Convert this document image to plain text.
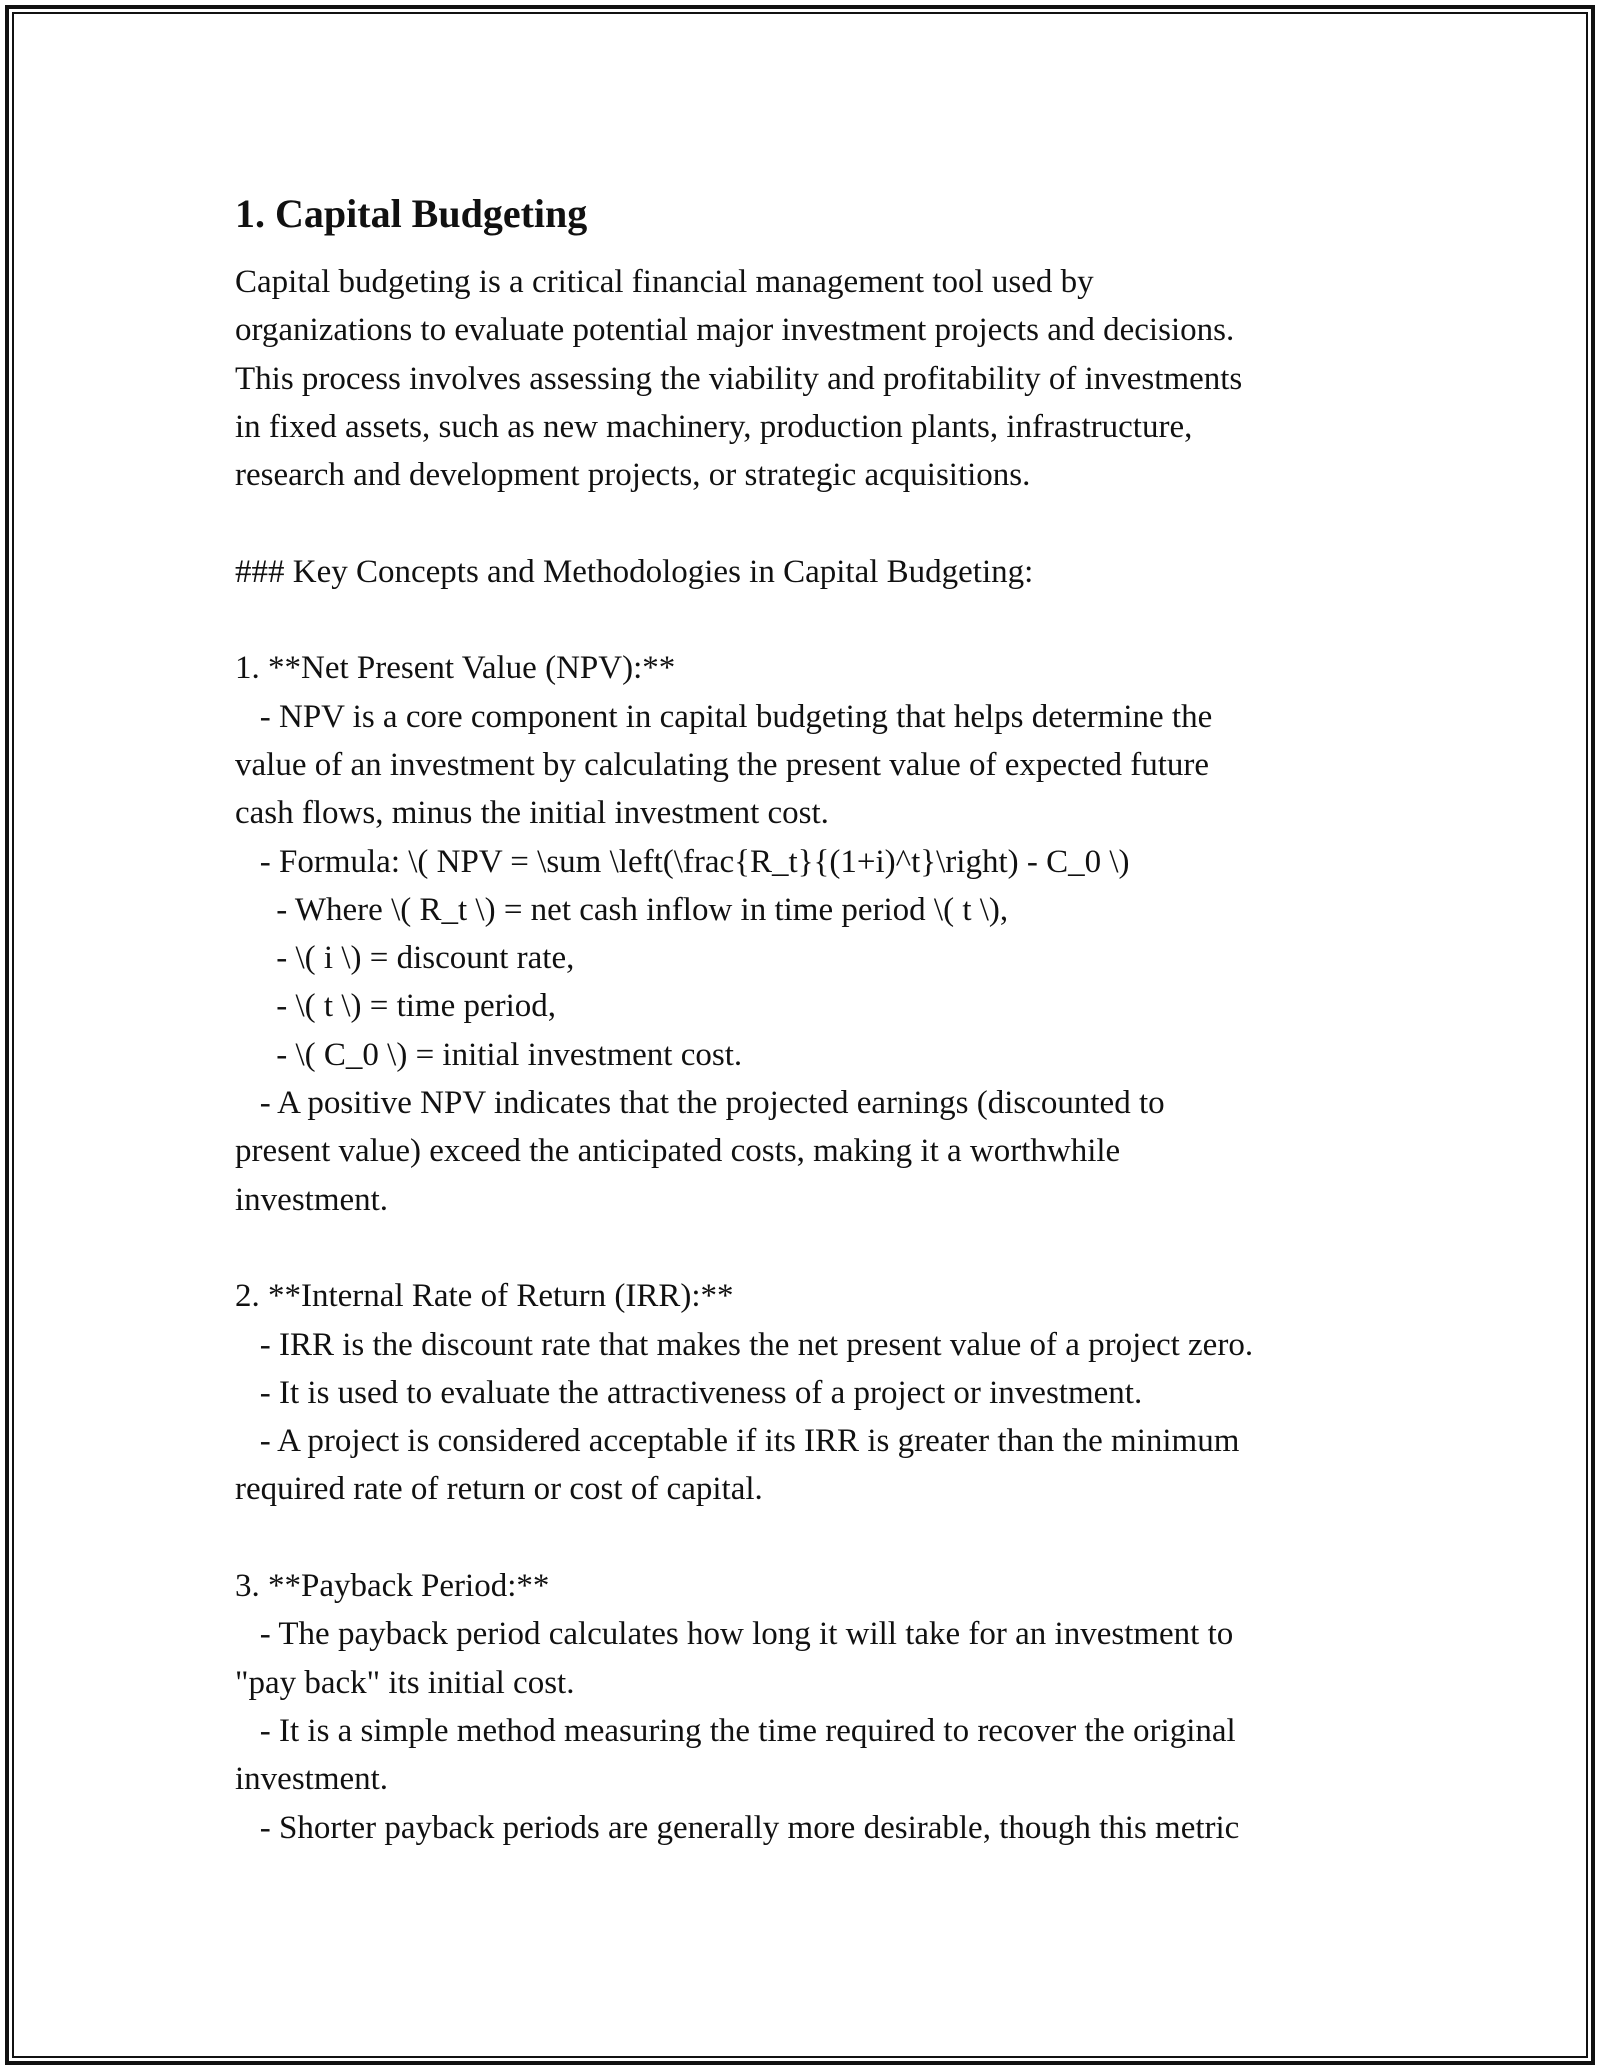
1. Capital Budgeting
Capital budgeting is a critical financial management tool used by
organizations to evaluate potential major investment projects and decisions.
This process involves assessing the viability and profitability of investments
in fixed assets, such as new machinery, production plants, infrastructure,
research and development projects, or strategic acquisitions.

### Key Concepts and Methodologies in Capital Budgeting:

1. **Net Present Value (NPV):**
- NPV is a core component in capital budgeting that helps determine the
value of an investment by calculating the present value of expected future
cash flows, minus the initial investment cost.
- Formula: \( NPV = \sum \left(\frac{R_t}{(1+i)^t}\right) - C_0 \)
- Where \( R_t \) = net cash inflow in time period \( t \),
- \( i \) = discount rate,
- \( t \) = time period,
- \( C_0 \) = initial investment cost.
- A positive NPV indicates that the projected earnings (discounted to
present value) exceed the anticipated costs, making it a worthwhile
investment.

2. **Internal Rate of Return (IRR):**
- IRR is the discount rate that makes the net present value of a project zero.
- It is used to evaluate the attractiveness of a project or investment.
- A project is considered acceptable if its IRR is greater than the minimum
required rate of return or cost of capital.

3. **Payback Period:**
- The payback period calculates how long it will take for an investment to
"pay back" its initial cost.
- It is a simple method measuring the time required to recover the original
investment.
- Shorter payback periods are generally more desirable, though this metric
